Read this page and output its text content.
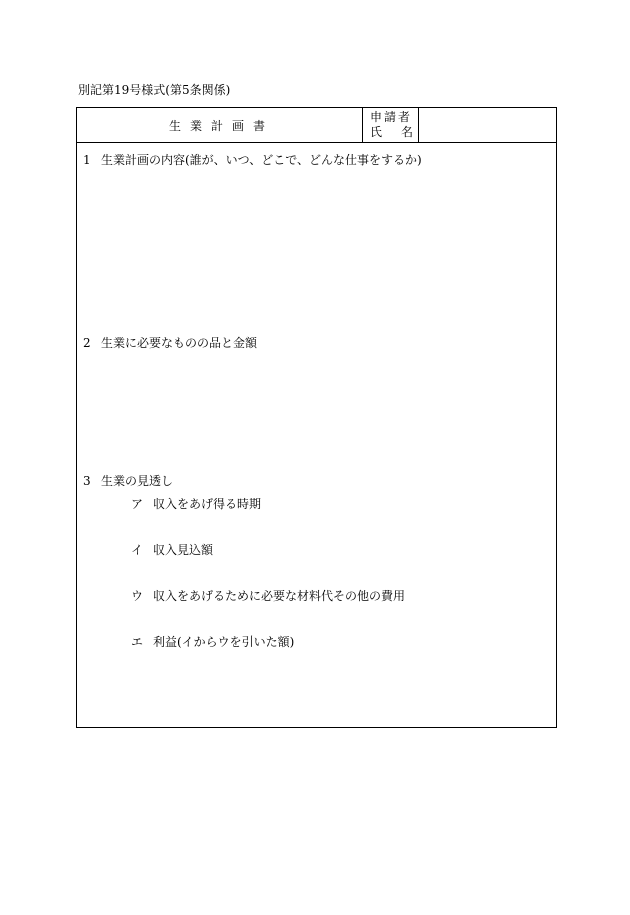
別記第19号様式(第5条関係)
生業計画書
申請者
氏名
1 生業計画の内容(誰が、いつ、どこで、どんな仕事をするか)
2 生業に必要なものの品と金額
3 生業の見透し
ア 収入をあげ得る時期
イ 収入見込額
ウ 収入をあげるために必要な材料代その他の費用
エ 利益(イからウを引いた額)
